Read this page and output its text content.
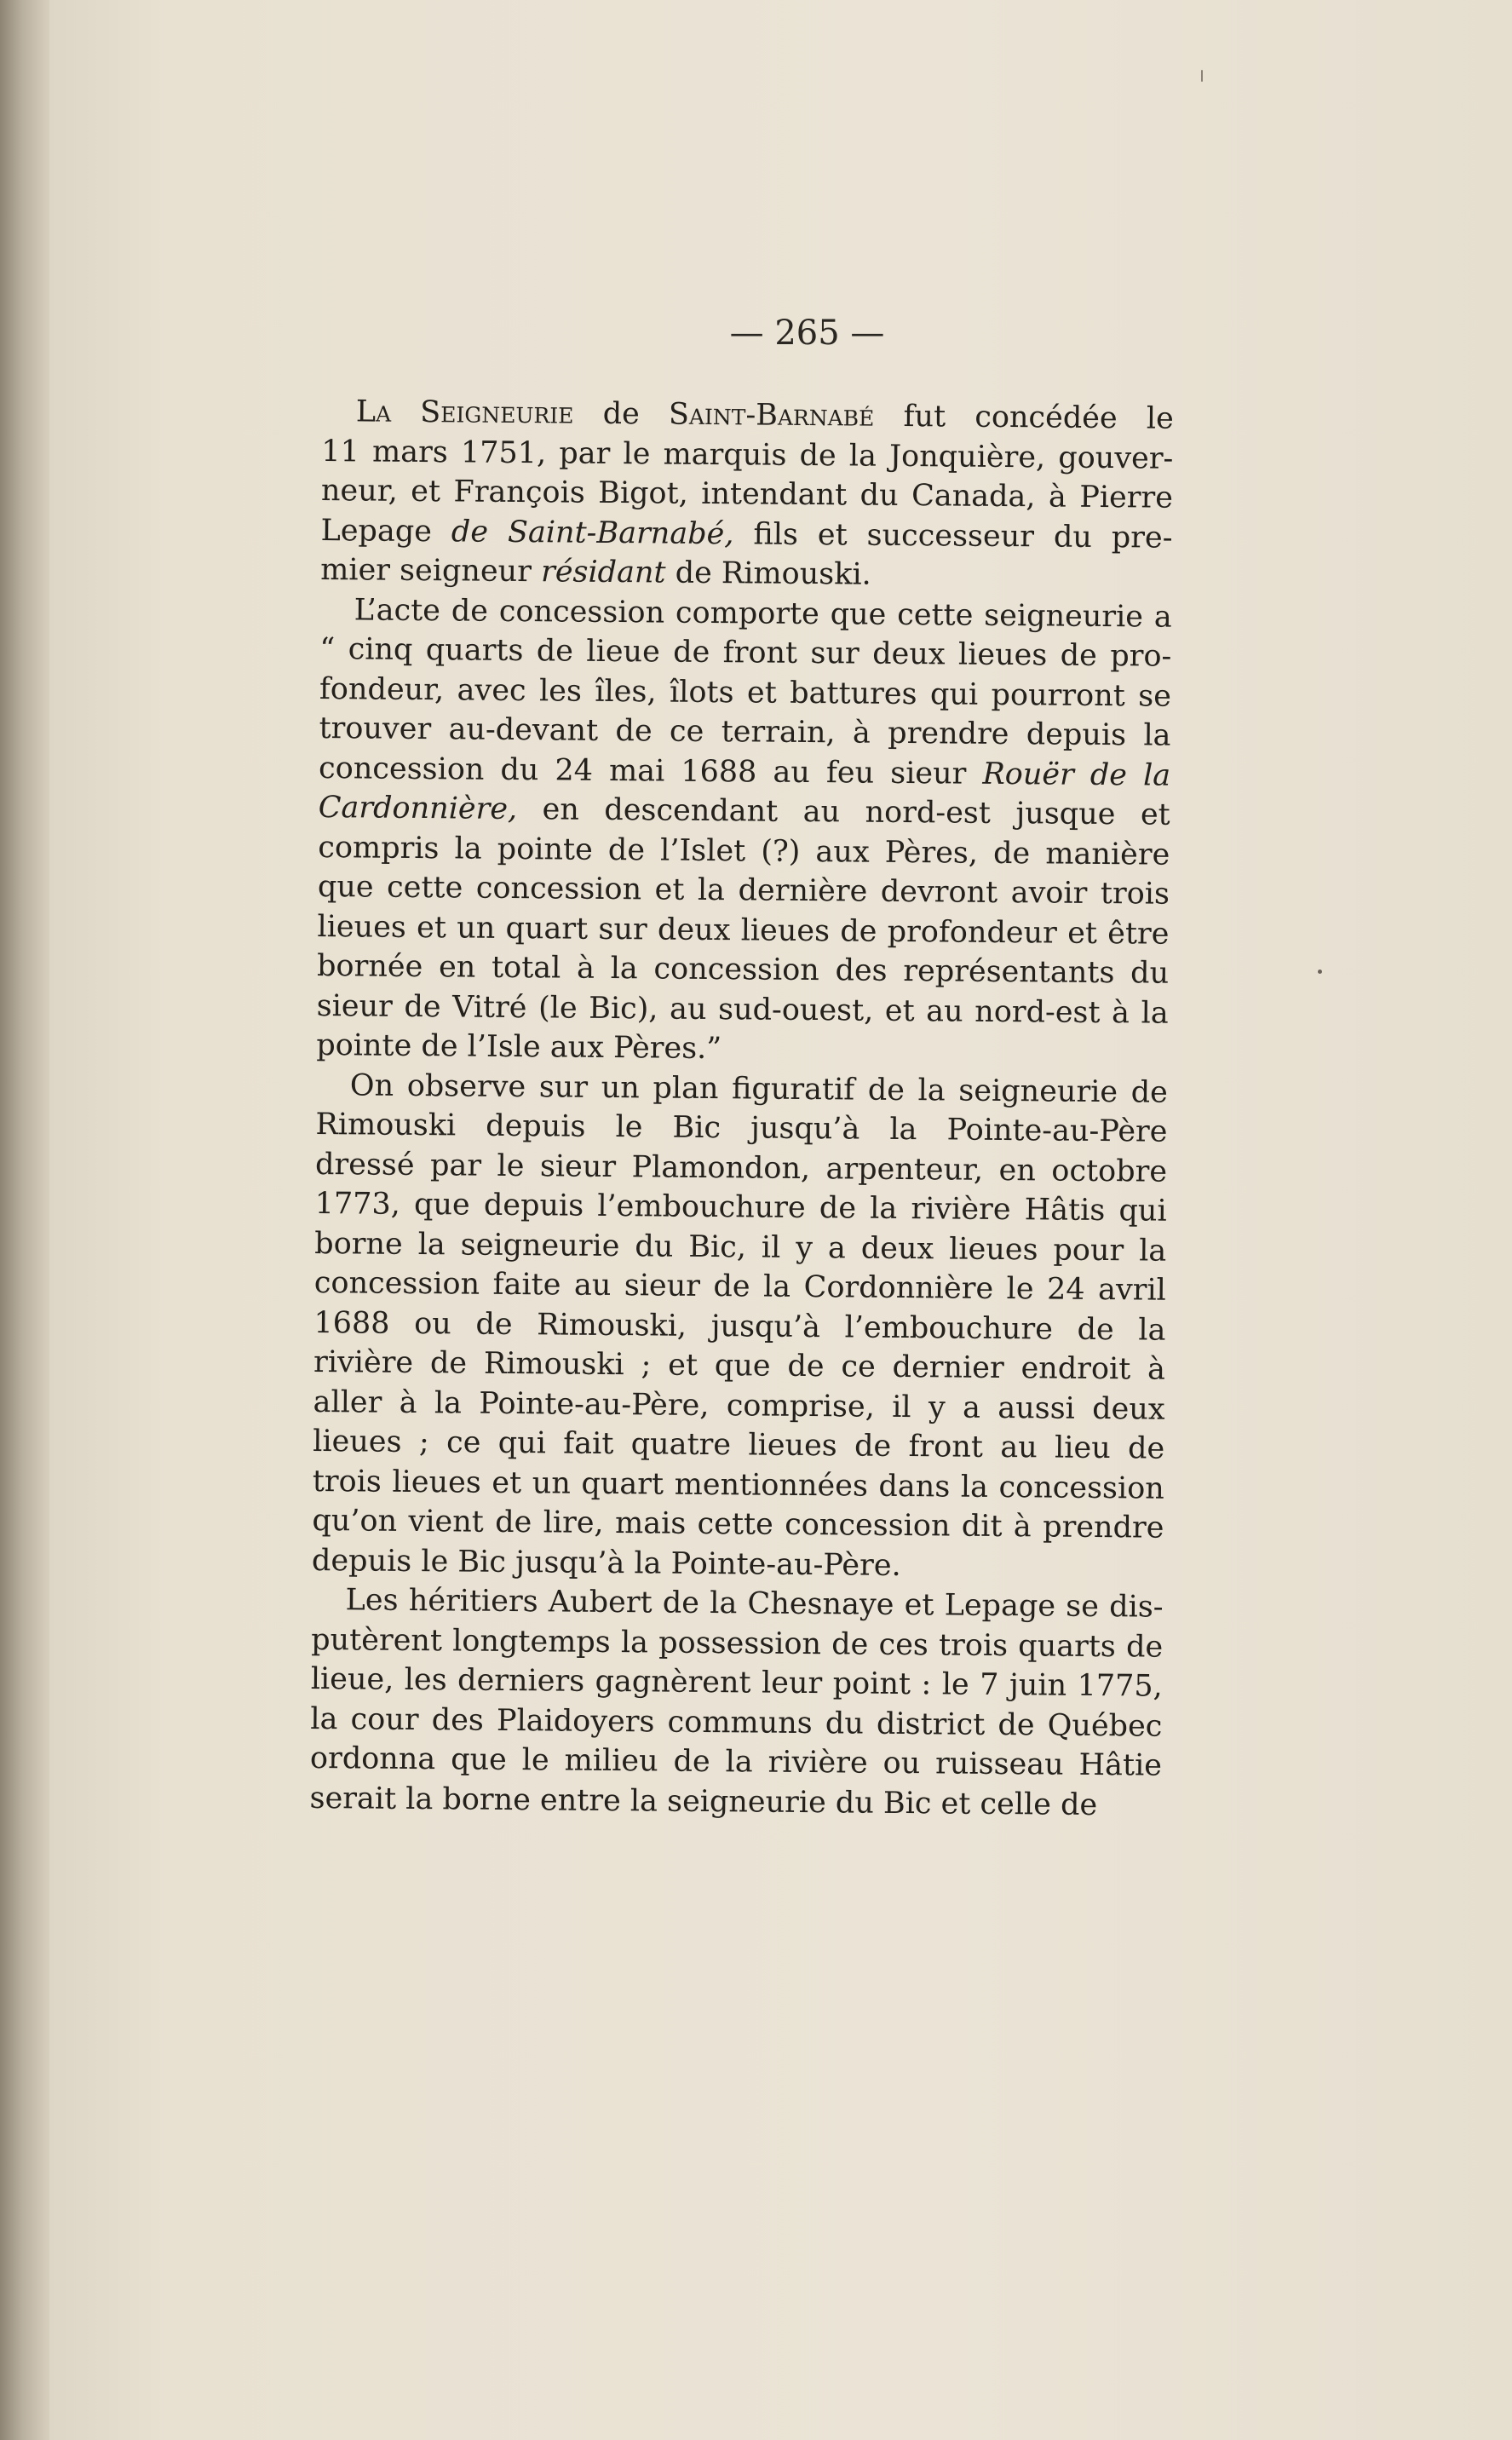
— 265 —
La Seigneurie de Saint-Barnabé fut concédée le
11 mars 1751, par le marquis de la Jonquière, gouver-
neur, et François Bigot, intendant du Canada, à Pierre
Lepage de Saint-Barnabé, fils et successeur du pre-
mier seigneur résidant de Rimouski.
L’acte de concession comporte que cette seigneurie a
“ cinq quarts de lieue de front sur deux lieues de pro-
fondeur, avec les îles, îlots et battures qui pourront se
trouver au-devant de ce terrain, à prendre depuis la
concession du 24 mai 1688 au feu sieur Rouër de la
Cardonnière, en descendant au nord-est jusque et
compris la pointe de l’Islet (?) aux Pères, de manière
que cette concession et la dernière devront avoir trois
lieues et un quart sur deux lieues de profondeur et être
bornée en total à la concession des représentants du
sieur de Vitré (le Bic), au sud-ouest, et au nord-est à la
pointe de l’Isle aux Pères.”
On observe sur un plan figuratif de la seigneurie de
Rimouski depuis le Bic jusqu’à la Pointe-au-Père
dressé par le sieur Plamondon, arpenteur, en octobre
1773, que depuis l’embouchure de la rivière Hâtis qui
borne la seigneurie du Bic, il y a deux lieues pour la
concession faite au sieur de la Cordonnière le 24 avril
1688 ou de Rimouski, jusqu’à l’embouchure de la
rivière de Rimouski ; et que de ce dernier endroit à
aller à la Pointe-au-Père, comprise, il y a aussi deux
lieues ; ce qui fait quatre lieues de front au lieu de
trois lieues et un quart mentionnées dans la concession
qu’on vient de lire, mais cette concession dit à prendre
depuis le Bic jusqu’à la Pointe-au-Père.
Les héritiers Aubert de la Chesnaye et Lepage se dis-
putèrent longtemps la possession de ces trois quarts de
lieue, les derniers gagnèrent leur point : le 7 juin 1775,
la cour des Plaidoyers communs du district de Québec
ordonna que le milieu de la rivière ou ruisseau Hâtie
serait la borne entre la seigneurie du Bic et celle de
